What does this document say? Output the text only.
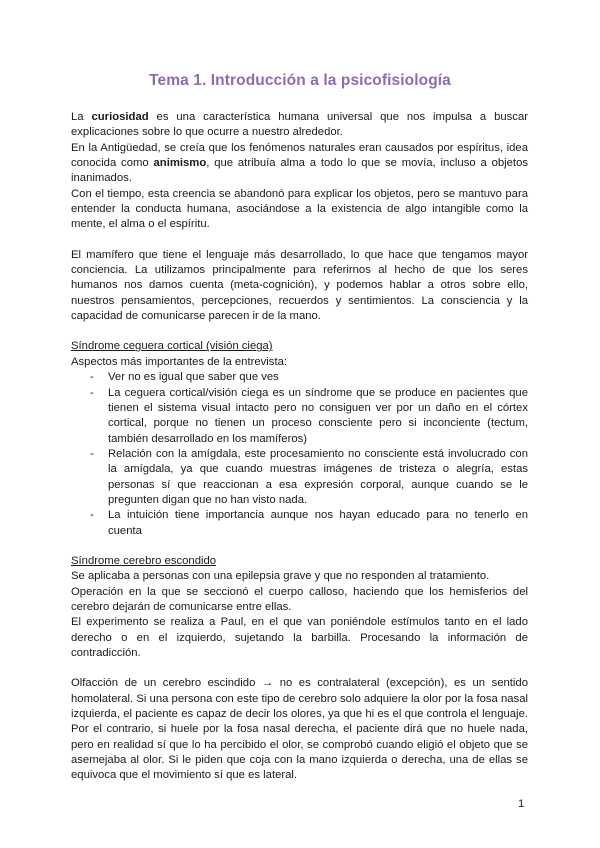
Tema 1. Introducción a la psicofisiología

La curiosidad es una característica humana universal que nos impulsa a buscar explicaciones sobre lo que ocurre a nuestro alrededor.

En la Antigüedad, se creía que los fenómenos naturales eran causados por espíritus, idea conocida como animismo, que atribuía alma a todo lo que se movía, incluso a objetos inanimados.

Con el tiempo, esta creencia se abandonó para explicar los objetos, pero se mantuvo para entender la conducta humana, asociándose a la existencia de algo intangible como la mente, el alma o el espíritu.

El mamífero que tiene el lenguaje más desarrollado, lo que hace que tengamos mayor conciencia. La utilizamos principalmente para referirnos al hecho de que los seres humanos nos damos cuenta (meta-cognición), y podemos hablar a otros sobre ello, nuestros pensamientos, percepciones, recuerdos y sentimientos. La consciencia y la capacidad de comunicarse parecen ir de la mano.

Síndrome ceguera cortical (visión ciega)

Aspectos más importantes de la entrevista:

- Ver no es igual que saber que ves
- La ceguera cortical/visión ciega es un síndrome que se produce en pacientes que tienen el sistema visual intacto pero no consiguen ver por un daño en el córtex cortical, porque no tienen un proceso consciente pero si inconciente (tectum, también desarrollado en los mamíferos)
- Relación con la amígdala, este procesamiento no consciente está involucrado con la amígdala, ya que cuando muestras imágenes de tristeza o alegría, estas personas sí que reaccionan a esa expresión corporal, aunque cuando se le pregunten digan que no han visto nada.
- La intuición tiene importancia aunque nos hayan educado para no tenerlo en cuenta

Síndrome cerebro escondido

Se aplicaba a personas con una epilepsia grave y que no responden al tratamiento.

Operación en la que se seccionó el cuerpo calloso, haciendo que los hemisferios del cerebro dejarán de comunicarse entre ellas.

El experimento se realiza a Paul, en el que van poniéndole estímulos tanto en el lado derecho o en el izquierdo, sujetando la barbilla. Procesando la información de contradicción.

Olfacción de un cerebro escindido → no es contralateral (excepción), es un sentido homolateral. Si una persona con este tipo de cerebro solo adquiere la olor por la fosa nasal izquierda, el paciente es capaz de decir los olores, ya que hi es el que controla el lenguaje. Por el contrario, si huele por la fosa nasal derecha, el paciente dirá que no huele nada, pero en realidad sí que lo ha percibido el olor, se comprobó cuando eligió el objeto que se asemejaba al olor. Si le piden que coja con la mano izquierda o derecha, una de ellas se equivoca que el movimiento sí que es lateral.

1
